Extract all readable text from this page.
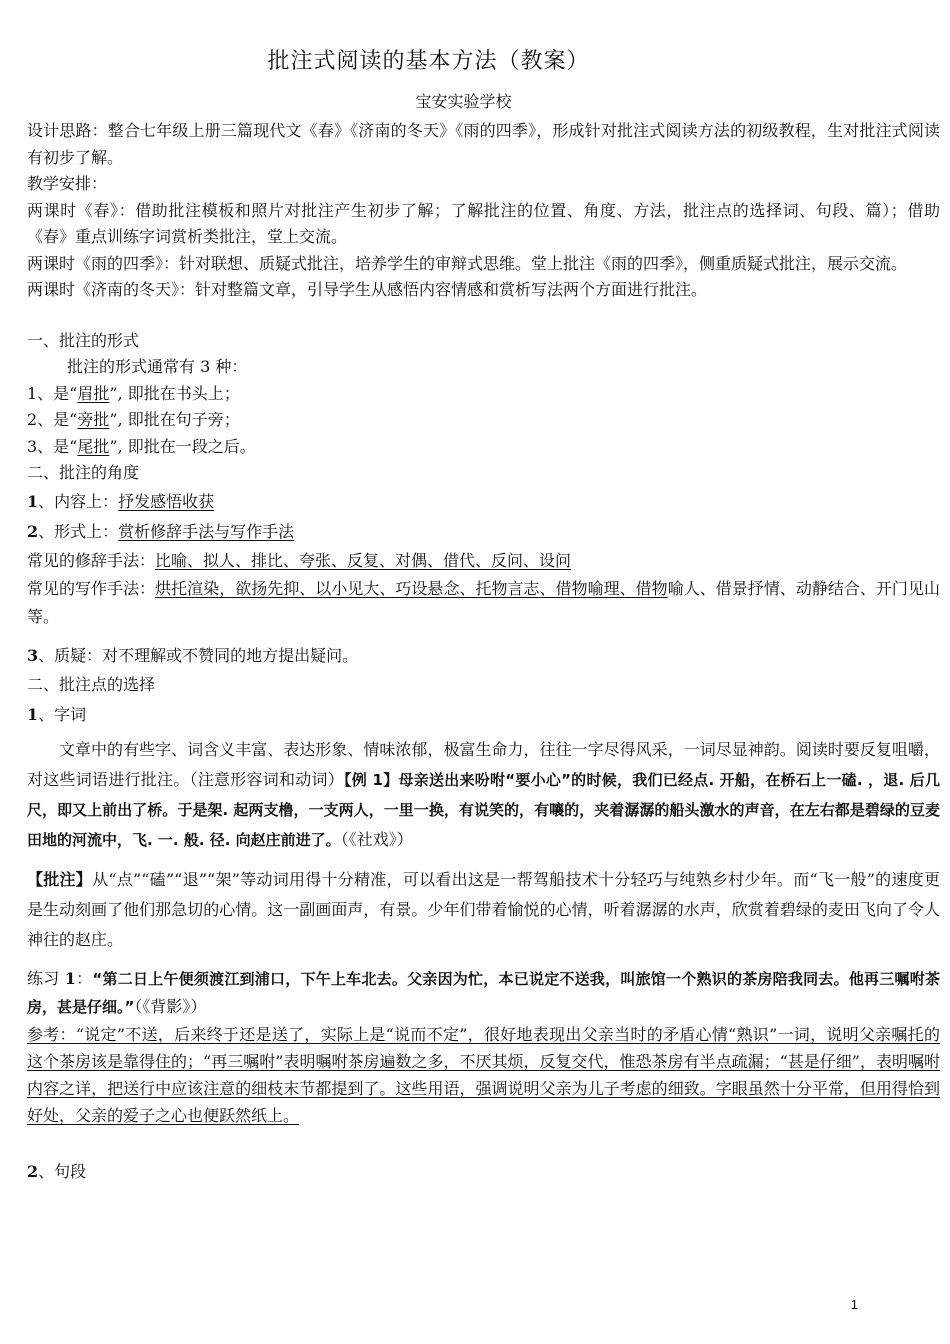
批注式阅读的基本方法（教案）
宝安实验学校

设计思路：整合七年级上册三篇现代文《春》《济南的冬天》《雨的四季》，形成针对批注式阅读方法的初级教程，生对批注式阅读有初步了解。

教学安排：

两课时《春》：借助批注模板和照片对批注产生初步了解；了解批注的位置、角度、方法，批注点的选择词、句段、篇）；借助《春》重点训练字词赏析类批注，堂上交流。

两课时《雨的四季》：针对联想、质疑式批注，培养学生的审辩式思维。堂上批注《雨的四季》，侧重质疑式批注，展示交流。

两课时《济南的冬天》：针对整篇文章，引导学生从感悟内容情感和赏析写法两个方面进行批注。

一、批注的形式

批注的形式通常有 3 种：

1、是“眉批”, 即批在书头上；

2、是“旁批”, 即批在句子旁；

3、是“尾批”, 即批在一段之后。

二、批注的角度

1、内容上：抒发感悟收获

2、形式上：赏析修辞手法与写作手法

常见的修辞手法：比喻、拟人、排比、夸张、反复、对偶、借代、反问、设问

常见的写作手法：烘托渲染，欲扬先抑、以小见大、巧设悬念、托物言志、借物喻理、借物喻人、借景抒情、动静结合、开门见山等。

3、质疑：对不理解或不赞同的地方提出疑问。

二、批注点的选择

1、字词

文章中的有些字、词含义丰富、表达形象、情味浓郁，极富生命力，往往一字尽得风采，一词尽显神韵。阅读时要反复咀嚼，对这些词语进行批注。（注意形容词和动词）【例 1】母亲送出来吩咐“要小心”的时候，我们已经点. 开船，在桥石上一磕. ，退. 后几尺，即又上前出了桥。于是架. 起两支橹，一支两人，一里一换，有说笑的，有嚷的，夹着潺潺的船头激水的声音，在左右都是碧绿的豆麦田地的河流中，飞. 一. 般. 径. 向赵庄前进了。（《社戏》）

【批注】从“点”“磕”“退”“架”等动词用得十分精准，可以看出这是一帮驾船技术十分轻巧与纯熟乡村少年。而“飞一般”的速度更是生动刻画了他们那急切的心情。这一副画面声，有景。少年们带着愉悦的心情，听着潺潺的水声，欣赏着碧绿的麦田飞向了令人神往的赵庄。

练习 1：“第二日上午便须渡江到浦口，下午上车北去。父亲因为忙，本已说定不送我，叫旅馆一个熟识的茶房陪我同去。他再三嘱咐茶房，甚是仔细。”（《背影》）

参考：“说定”不送，后来终于还是送了，实际上是“说而不定”，很好地表现出父亲当时的矛盾心情“熟识”一词，说明父亲嘱托的这个茶房该是靠得住的；“再三嘱咐”表明嘱咐茶房遍数之多，不厌其烦，反复交代，惟恐茶房有半点疏漏；“甚是仔细”，表明嘱咐内容之详，把送行中应该注意的细枝末节都提到了。这些用语，强调说明父亲为儿子考虑的细致。字眼虽然十分平常，但用得恰到好处，父亲的爱子之心也便跃然纸上。

2、句段

1
